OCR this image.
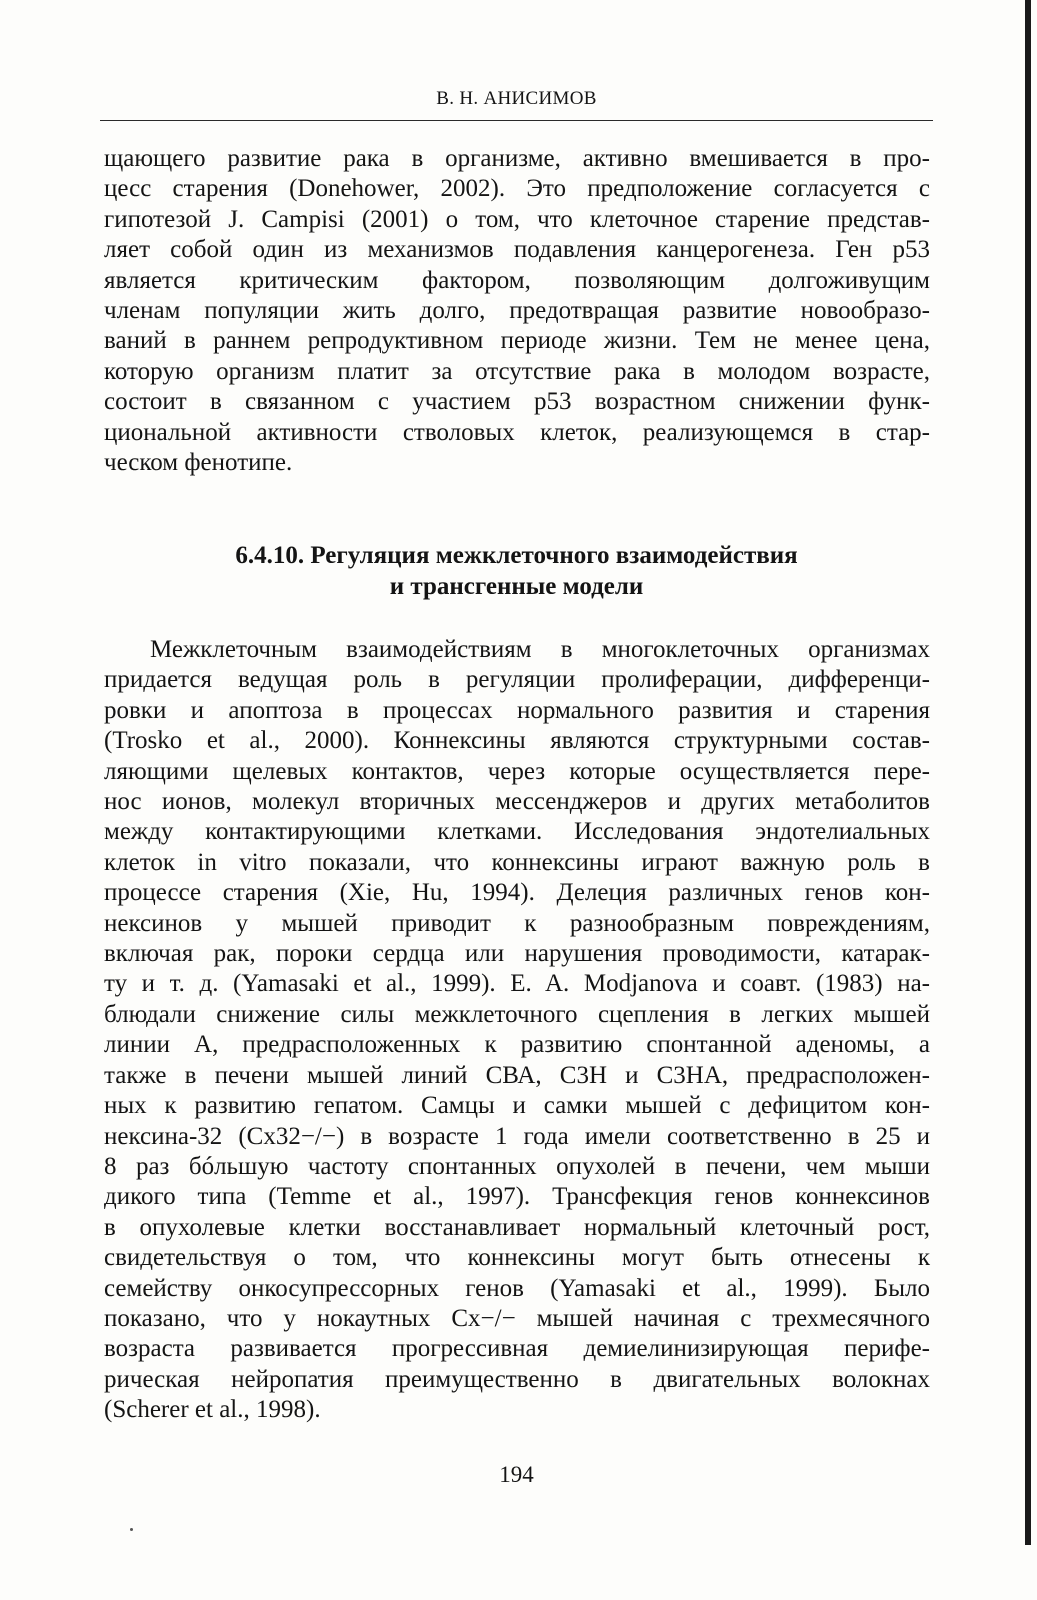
В. Н. АНИСИМОВ
щающего развитие рака в организме, активно вмешивается в про-
цесс старения (Donehower, 2002). Это предположение согласуется с
гипотезой J. Campisi (2001) о том, что клеточное старение представ-
ляет собой один из механизмов подавления канцерогенеза. Ген p53
является критическим фактором, позволяющим долгоживущим
членам популяции жить долго, предотвращая развитие новообразо-
ваний в раннем репродуктивном периоде жизни. Тем не менее цена,
которую организм платит за отсутствие рака в молодом возрасте,
состоит в связанном с участием p53 возрастном снижении функ-
циональной активности стволовых клеток, реализующемся в стар-
ческом фенотипе.
6.4.10. Регуляция межклеточного взаимодействия
и трансгенные модели
Межклеточным взаимодействиям в многоклеточных организмах
придается ведущая роль в регуляции пролиферации, дифференци-
ровки и апоптоза в процессах нормального развития и старения
(Trosko et al., 2000). Коннексины являются структурными состав-
ляющими щелевых контактов, через которые осуществляется пере-
нос ионов, молекул вторичных мессенджеров и других метаболитов
между контактирующими клетками. Исследования эндотелиальных
клеток in vitro показали, что коннексины играют важную роль в
процессе старения (Xie, Hu, 1994). Делеция различных генов кон-
нексинов у мышей приводит к разнообразным повреждениям,
включая рак, пороки сердца или нарушения проводимости, катарак-
ту и т. д. (Yamasaki et al., 1999). E. A. Modjanova и соавт. (1983) на-
блюдали снижение силы межклеточного сцепления в легких мышей
линии А, предрасположенных к развитию спонтанной аденомы, а
также в печени мышей линий СВА, С3Н и С3НА, предрасположен-
ных к развитию гепатом. Самцы и самки мышей с дефицитом кон-
нексина-32 (Cx32−/−) в возрасте 1 года имели соответственно в 25 и
8 раз бóльшую частоту спонтанных опухолей в печени, чем мыши
дикого типа (Temme et al., 1997). Трансфекция генов коннексинов
в опухолевые клетки восстанавливает нормальный клеточный рост,
свидетельствуя о том, что коннексины могут быть отнесены к
семейству онкосупрессорных генов (Yamasaki et al., 1999). Было
показано, что у нокаутных Cx−/− мышей начиная с трехмесячного
возраста развивается прогрессивная демиелинизирующая перифе-
рическая нейропатия преимущественно в двигательных волокнах
(Scherer et al., 1998).
194
